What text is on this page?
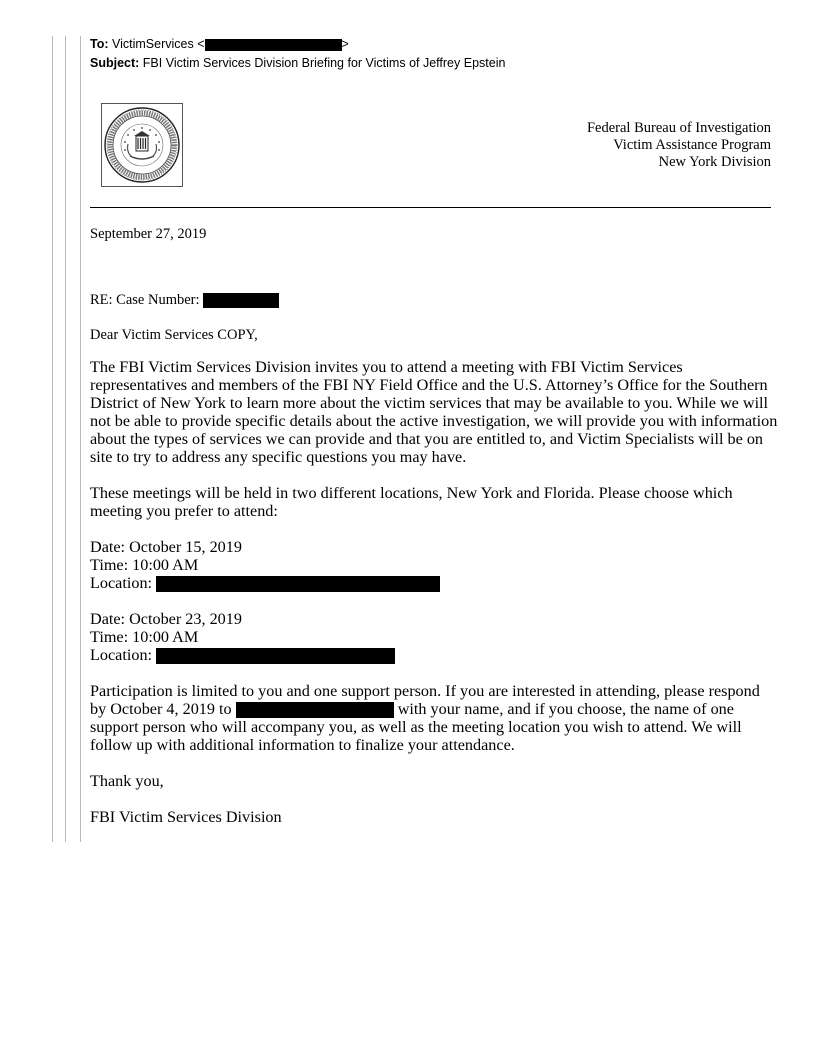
To: VictimServices <	>
Subject: FBI Victim Services Division Briefing for Victims of Jeffrey Epstein
Federal Bureau of Investigation
Victim Assistance Program
New York Division
September 27, 2019
RE: Case Number:
Dear Victim Services COPY,
The FBI Victim Services Division invites you to attend a meeting with FBI Victim Services
representatives and members of the FBI NY Field Office and the U.S. Attorney’s Office for the Southern
District of New York to learn more about the victim services that may be available to you. While we will
not be able to provide specific details about the active investigation, we will provide you with information
about the types of services we can provide and that you are entitled to, and Victim Specialists will be on
site to try to address any specific questions you may have.
These meetings will be held in two different locations, New York and Florida. Please choose which
meeting you prefer to attend:
Date: October 15, 2019
Time: 10:00 AM
Location:
Date: October 23, 2019
Time: 10:00 AM
Location:
Participation is limited to you and one support person. If you are interested in attending, please respond
by October 4, 2019 to	with your name, and if you choose, the name of one
support person who will accompany you, as well as the meeting location you wish to attend. We will
follow up with additional information to finalize your attendance.
Thank you,
FBI Victim Services Division
